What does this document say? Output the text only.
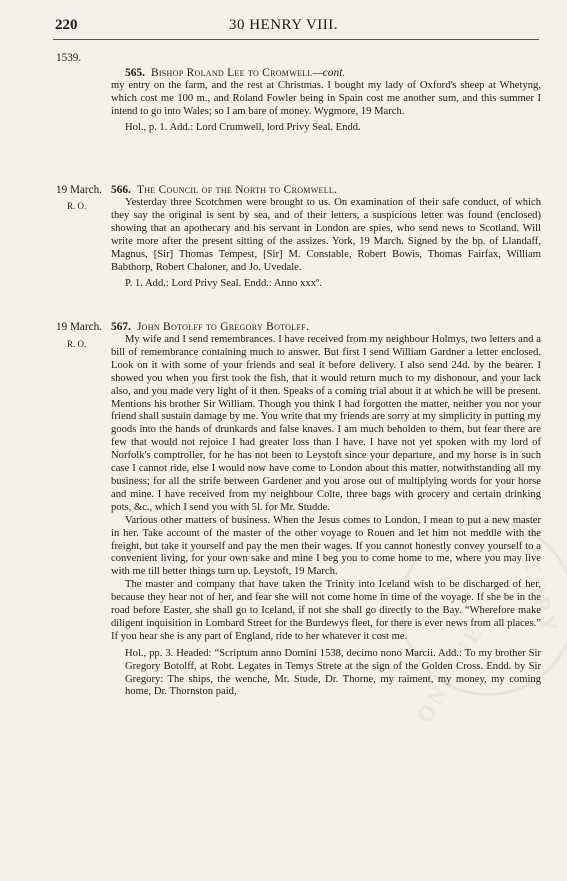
HISTORY
ONLINE
30 HENRY VIII.
220
1539.
19 March.
R. O.
19 March.
R. O.
565. Bishop Roland Lee to Cromwell—cont.

my entry on the farm, and the rest at Christmas. I bought my lady of Oxford's sheep at Whetyng, which cost me 100 m., and Roland Fowler being in Spain cost me another sum, and this summer I intend to go into Wales; so I am bare of money. Wygmore, 19 March.

Hol., p. 1. Add.: Lord Crumwell, lord Privy Seal. Endd.

566. The Council of the North to Cromwell.

Yesterday three Scotchmen were brought to us. On examination of their safe conduct, of which they say the original is sent by sea, and of their letters, a suspicious letter was found (enclosed) showing that an apothecary and his servant in London are spies, who send news to Scotland. Will write more after the present sitting of the assizes. York, 19 March. Signed by the bp. of Llandaff, Magnus, [Sir] Thomas Tempest, [Sir] M. Constable, Robert Bowis, Thomas Fairfax, William Babthorp, Robert Chaloner, and Jo. Uvedale.

P. 1. Add.: Lord Privy Seal. Endd.: Anno xxxº.

567. John Botolff to Gregory Botolff.

My wife and I send remembrances. I have received from my neighbour Holmys, two letters and a bill of remembrance containing much to answer. But first I send William Gardner a letter enclosed. Look on it with some of your friends and seal it before delivery. I also send 24d. by the bearer. I showed you when you first took the fish, that it would return much to my dishonour, and your lack also, and you made very light of it then. Speaks of a coming trial about it at which he will be present. Mentions his brother Sir William. Though you think I had forgotten the matter, neither you nor your friend shall sustain damage by me. You write that my friends are sorry at my simplicity in putting my goods into the hands of drunkards and false knaves. I am much beholden to them, but fear there are few that would not rejoice I had greater loss than I have. I have not yet spoken with my lord of Norfolk's comptroller, for he has not been to Leystoft since your departure, and my horse is in such case I cannot ride, else I would now have come to London about this matter, notwithstanding all my business; for all the strife between Gardener and you arose out of multiplying words for your horse and mine. I have received from my neighbour Colte, three bags with grocery and certain drinking pots, &c., which I send you with 5l. for Mr. Studde.

Various other matters of business. When the Jesus comes to London, I mean to put a new master in her. Take account of the master of the other voyage to Rouen and let him not meddle with the freight, but take it yourself and pay the men their wages. If you cannot honestly convey yourself to a convenient living, for your own sake and mine I beg you to come home to me, where you may live with me till better things turn up. Leystoft, 19 March.

The master and company that have taken the Trinity into Iceland wish to be discharged of her, because they hear not of her, and fear she will not come home in time of the voyage. If she be in the road before Easter, she shall go to Iceland, if not she shall go directly to the Bay. “Wherefore make diligent inquisition in Lombard Street for the Burdewys fleet, for there is ever news from all places.” If you hear she is any part of England, ride to her whatever it cost me.

Hol., pp. 3. Headed: “Scriptum anno Domini 1538, decimo nono Marcii. Add.: To my brother Sir Gregory Botolff, at Robt. Legates in Temys Strete at the sign of the Golden Cross. Endd. by Sir Gregory: The ships, the wenche, Mr. Stude, Dr. Thorne, my raiment, my money, my coming home, Dr. Thornston paid,
